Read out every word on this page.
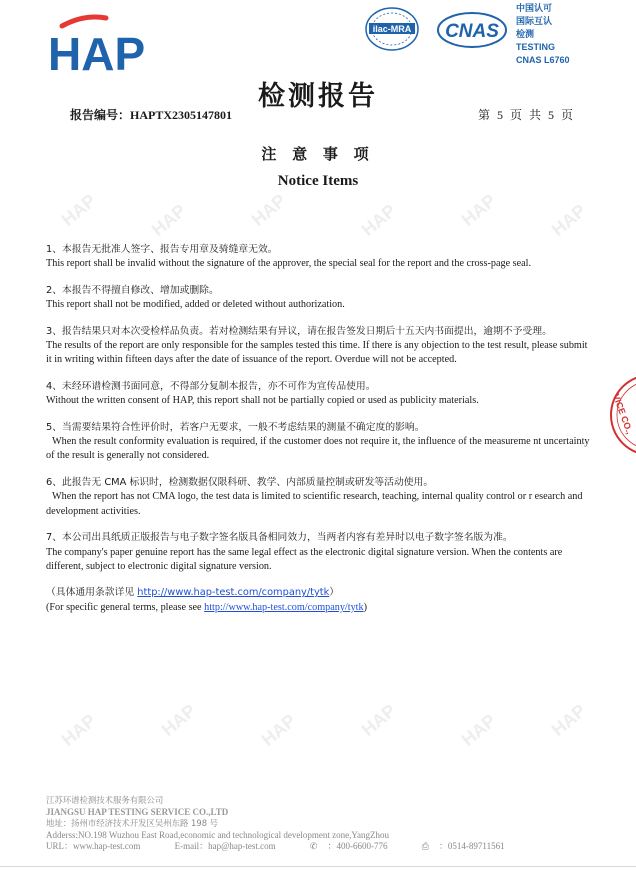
HAP	HAP	HAP	HAP	HAP	HAP
HAP	HAP	HAP	HAP	HAP	HAP
HAP	ilac-MRA CNAS
中国认可
国际互认
检测
TESTING
CNAS L6760
检测报告
报告编号：HAPTX2305147801	第 5 页 共 5 页
注 意 事 项
Notice Items

1、本报告无批准人签字、报告专用章及骑缝章无效。

This report shall be invalid without the signature of the approver, the special seal for the report and the cross-page seal.

2、本报告不得擅自修改、增加或删除。

This report shall not be modified, added or deleted without authorization.

3、报告结果只对本次受检样品负责。若对检测结果有异议，请在报告签发日期后十五天内书面提出，逾期不予受理。

The results of the report are only responsible for the samples tested this time. If there is any objection to the test result, please submit it in writing within fifteen days after the date of issuance of the report. Overdue will not be accepted.

4、未经环谱检测书面同意，不得部分复制本报告，亦不可作为宣传品使用。

Without the written consent of HAP, this report shall not be partially copied or used as publicity materials.

5、当需要结果符合性评价时，若客户无要求，一般不考虑结果的测量不确定度的影响。

When the result conformity evaluation is required, if the customer does not require it, the influence of the measureme nt uncertainty of the result is generally not considered.

6、此报告无 CMA 标识时，检测数据仅限科研、教学、内部质量控制或研发等活动使用。

When the report has not CMA logo, the test data is limited to scientific research, teaching, internal quality control or r esearch and development activities.

7、本公司出具纸质正版报告与电子数字签名版具备相同效力，当两者内容有差异时以电子数字签名版为准。

The company's paper genuine report has the same legal effect as the electronic digital signature version. When the contents are different, subject to electronic digital signature version.

（具体通用条款详见 http://www.hap-test.com/company/tytk）

(For specific general terms, please see http://www.hap-test.com/company/tytk)

VICE CO.,
江苏环谱检测技术服务有限公司
JIANGSU HAP TESTING SERVICE CO.,LTD
地址：扬州市经济技术开发区吴州东路 198 号
Adderss:NO.198 Wuzhou East Road,economic and technological development zone,YangZhou
URL：www.hap-test.com	E-mail：hap@hap-test.com	✆ ：400-6600-776	⎙ ：0514-89711561
